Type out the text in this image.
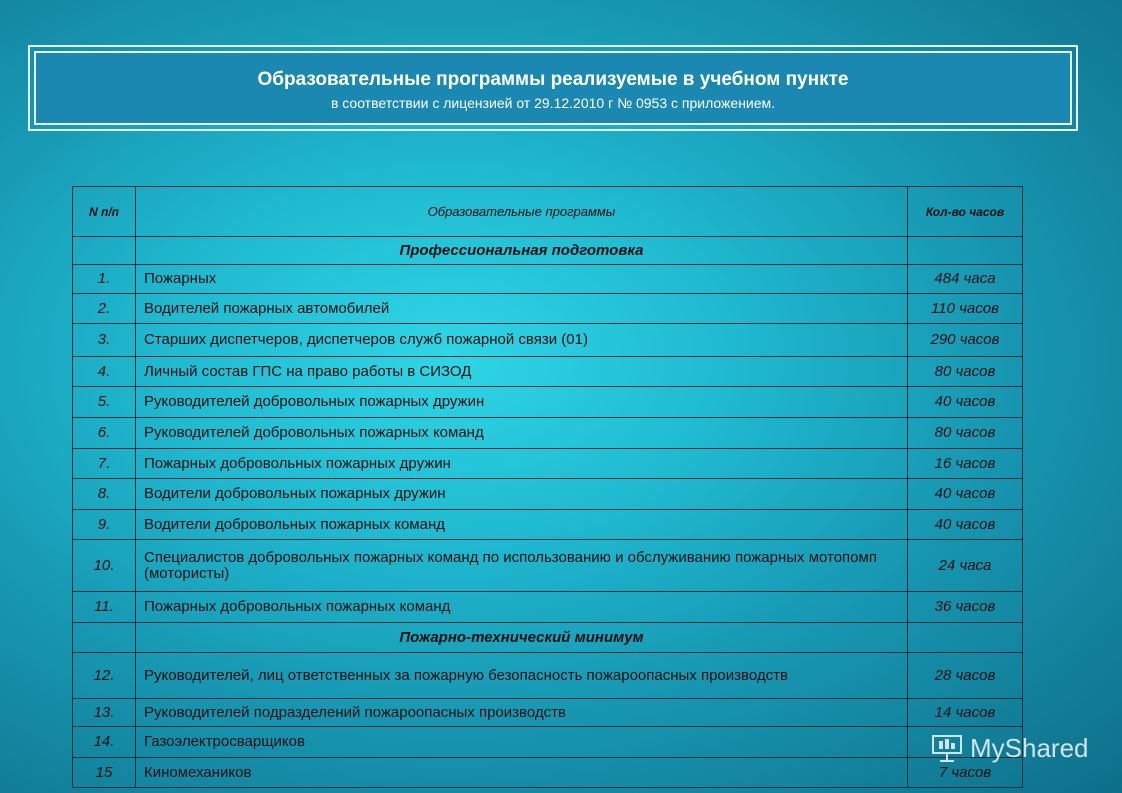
Образовательные программы реализуемые в учебном пункте
в соответствии с лицензией от 29.12.2010 г № 0953 с приложением.
N п/п	Образовательные программы	Кол-во часов
	Профессиональная подготовка	
1.	Пожарных	484 часа
2.	Водителей пожарных автомобилей	110 часов
3.	Старших диспетчеров, диспетчеров служб пожарной связи (01)	290 часов
4.	Личный состав ГПС на право работы в СИЗОД	80 часов
5.	Руководителей добровольных пожарных дружин	40 часов
6.	Руководителей добровольных пожарных команд	80 часов
7.	Пожарных добровольных пожарных дружин	16 часов
8.	Водители добровольных пожарных дружин	40 часов
9.	Водители добровольных пожарных команд	40 часов
10.	Специалистов добровольных пожарных команд по использованию и обслуживанию пожарных мотопомп (мотористы)	24 часа
11.	Пожарных добровольных пожарных команд	36 часов
	Пожарно-технический минимум	
12.	Руководителей, лиц ответственных за пожарную безопасность пожароопасных производств	28 часов
13.	Руководителей подразделений пожароопасных производств	14 часов
14.	Газоэлектросварщиков	
15	Киномехаников	7 часов
MyShared
